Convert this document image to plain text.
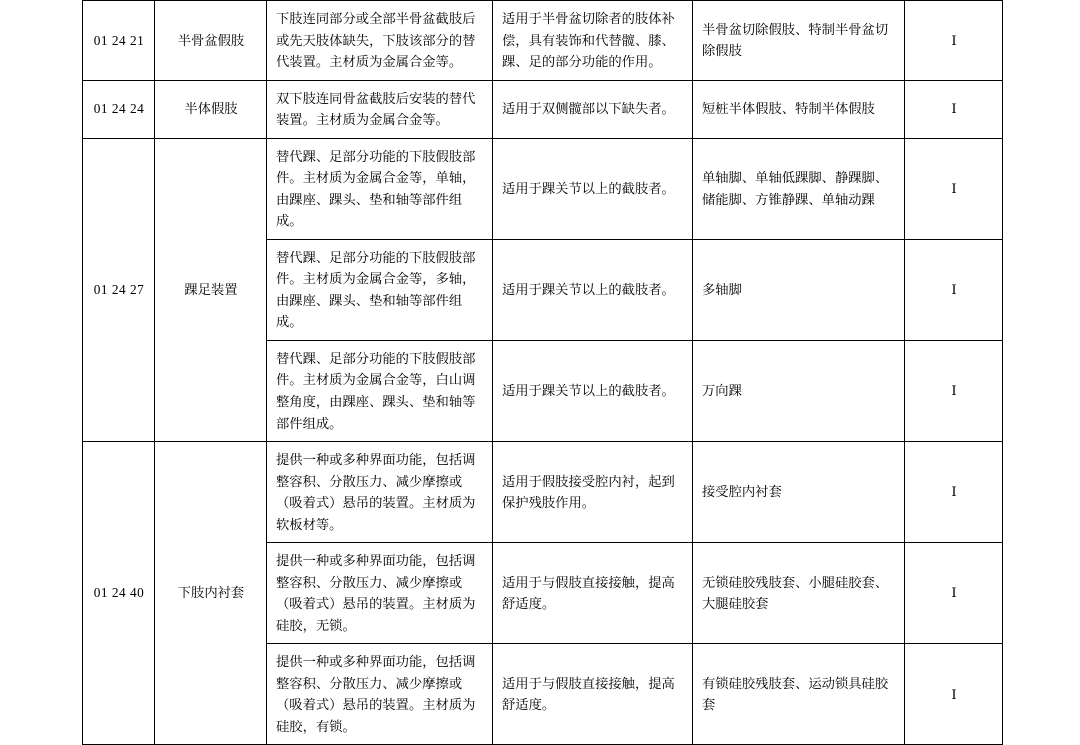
01 24 21	半骨盆假肢	下肢连同部分或全部半骨盆截肢后或先天肢体缺失，下肢该部分的替代装置。主材质为金属合金等。	适用于半骨盆切除者的肢体补偿，具有装饰和代替髋、膝、踝、足的部分功能的作用。	半骨盆切除假肢、特制半骨盆切除假肢	Ⅰ
01 24 24	半体假肢	双下肢连同骨盆截肢后安装的替代装置。主材质为金属合金等。	适用于双侧髋部以下缺失者。	短桩半体假肢、特制半体假肢	Ⅰ
01 24 27	踝足装置	替代踝、足部分功能的下肢假肢部件。主材质为金属合金等，单轴，由踝座、踝头、垫和轴等部件组成。	适用于踝关节以上的截肢者。	单轴脚、单轴低踝脚、静踝脚、储能脚、方锥静踝、单轴动踝	Ⅰ
		替代踝、足部分功能的下肢假肢部件。主材质为金属合金等，多轴，由踝座、踝头、垫和轴等部件组成。	适用于踝关节以上的截肢者。	多轴脚	Ⅰ
		替代踝、足部分功能的下肢假肢部件。主材质为金属合金等，白山调整角度，由踝座、踝头、垫和轴等部件组成。	适用于踝关节以上的截肢者。	万向踝	Ⅰ
01 24 40	下肢内衬套	提供一种或多种界面功能，包括调整容积、分散压力、减少摩擦或（吸着式）悬吊的装置。主材质为软板材等。	适用于假肢接受腔内衬，起到保护残肢作用。	接受腔内衬套	Ⅰ
		提供一种或多种界面功能，包括调整容积、分散压力、减少摩擦或（吸着式）悬吊的装置。主材质为硅胶，无锁。	适用于与假肢直接接触，提高舒适度。	无锁硅胶残肢套、小腿硅胶套、大腿硅胶套	Ⅰ
		提供一种或多种界面功能，包括调整容积、分散压力、减少摩擦或（吸着式）悬吊的装置。主材质为硅胶，有锁。	适用于与假肢直接接触，提高舒适度。	有锁硅胶残肢套、运动锁具硅胶套	Ⅰ
